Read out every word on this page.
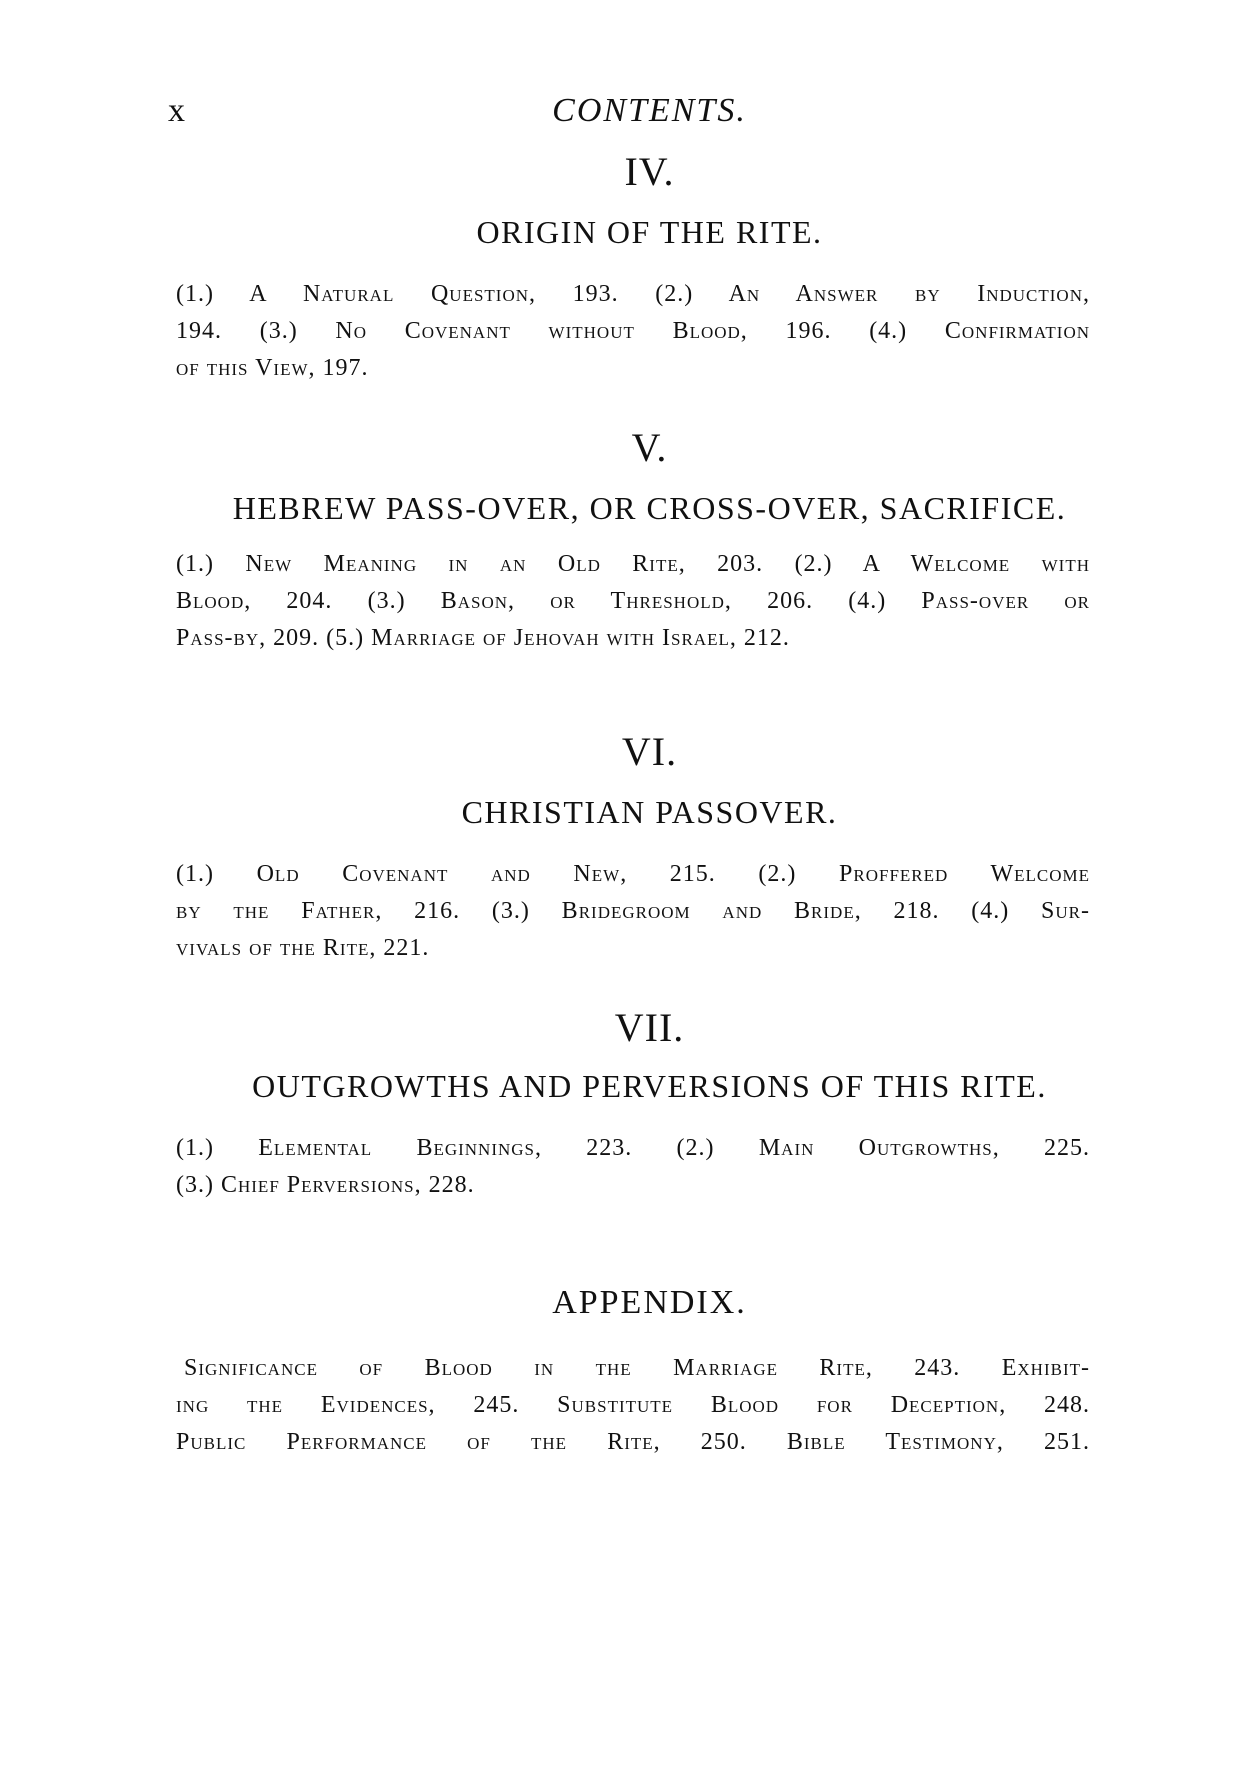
x	CONTENTS.
IV.
ORIGIN OF THE RITE.
(1.) A Natural Question, 193. (2.) An Answer by Induction,
194. (3.) No Covenant without Blood, 196. (4.) Confirmation
of this View, 197.
V.
HEBREW PASS-OVER, OR CROSS-OVER, SACRIFICE.
(1.) New Meaning in an Old Rite, 203. (2.) A Welcome with
Blood, 204. (3.) Bason, or Threshold, 206. (4.) Pass-over or
Pass-by, 209. (5.) Marriage of Jehovah with Israel, 212.
VI.
CHRISTIAN PASSOVER.
(1.) Old Covenant and New, 215. (2.) Proffered Welcome
by the Father, 216. (3.) Bridegroom and Bride, 218. (4.) Sur-
vivals of the Rite, 221.
VII.
OUTGROWTHS AND PERVERSIONS OF THIS RITE.
(1.) Elemental Beginnings, 223. (2.) Main Outgrowths, 225.
(3.) Chief Perversions, 228.
APPENDIX.
Significance of Blood in the Marriage Rite, 243. Exhibit-
ing the Evidences, 245. Substitute Blood for Deception, 248.
Public Performance of the Rite, 250. Bible Testimony, 251.
